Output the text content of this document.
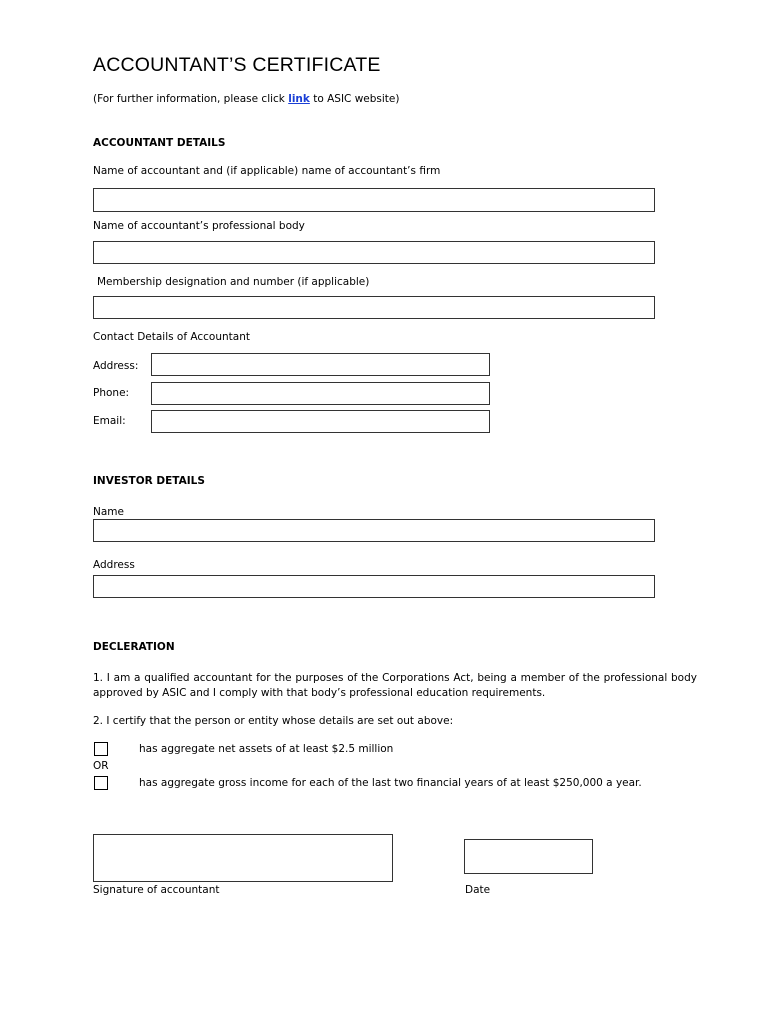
ACCOUNTANT’S CERTIFICATE
(For further information, please click link to ASIC website)
ACCOUNTANT DETAILS
Name of accountant and (if applicable) name of accountant’s firm
Name of accountant’s professional body
Membership designation and number (if applicable)
Contact Details of Accountant
Address:
Phone:
Email:
INVESTOR DETAILS
Name
Address
DECLERATION
1. I am a qualified accountant for the purposes of the Corporations Act, being a member of the professional body approved by ASIC and I comply with that body’s professional education requirements.
2. I certify that the person or entity whose details are set out above:
has aggregate net assets of at least $2.5 million
OR
has aggregate gross income for each of the last two financial years of at least $250,000 a year.
Signature of accountant	Date
